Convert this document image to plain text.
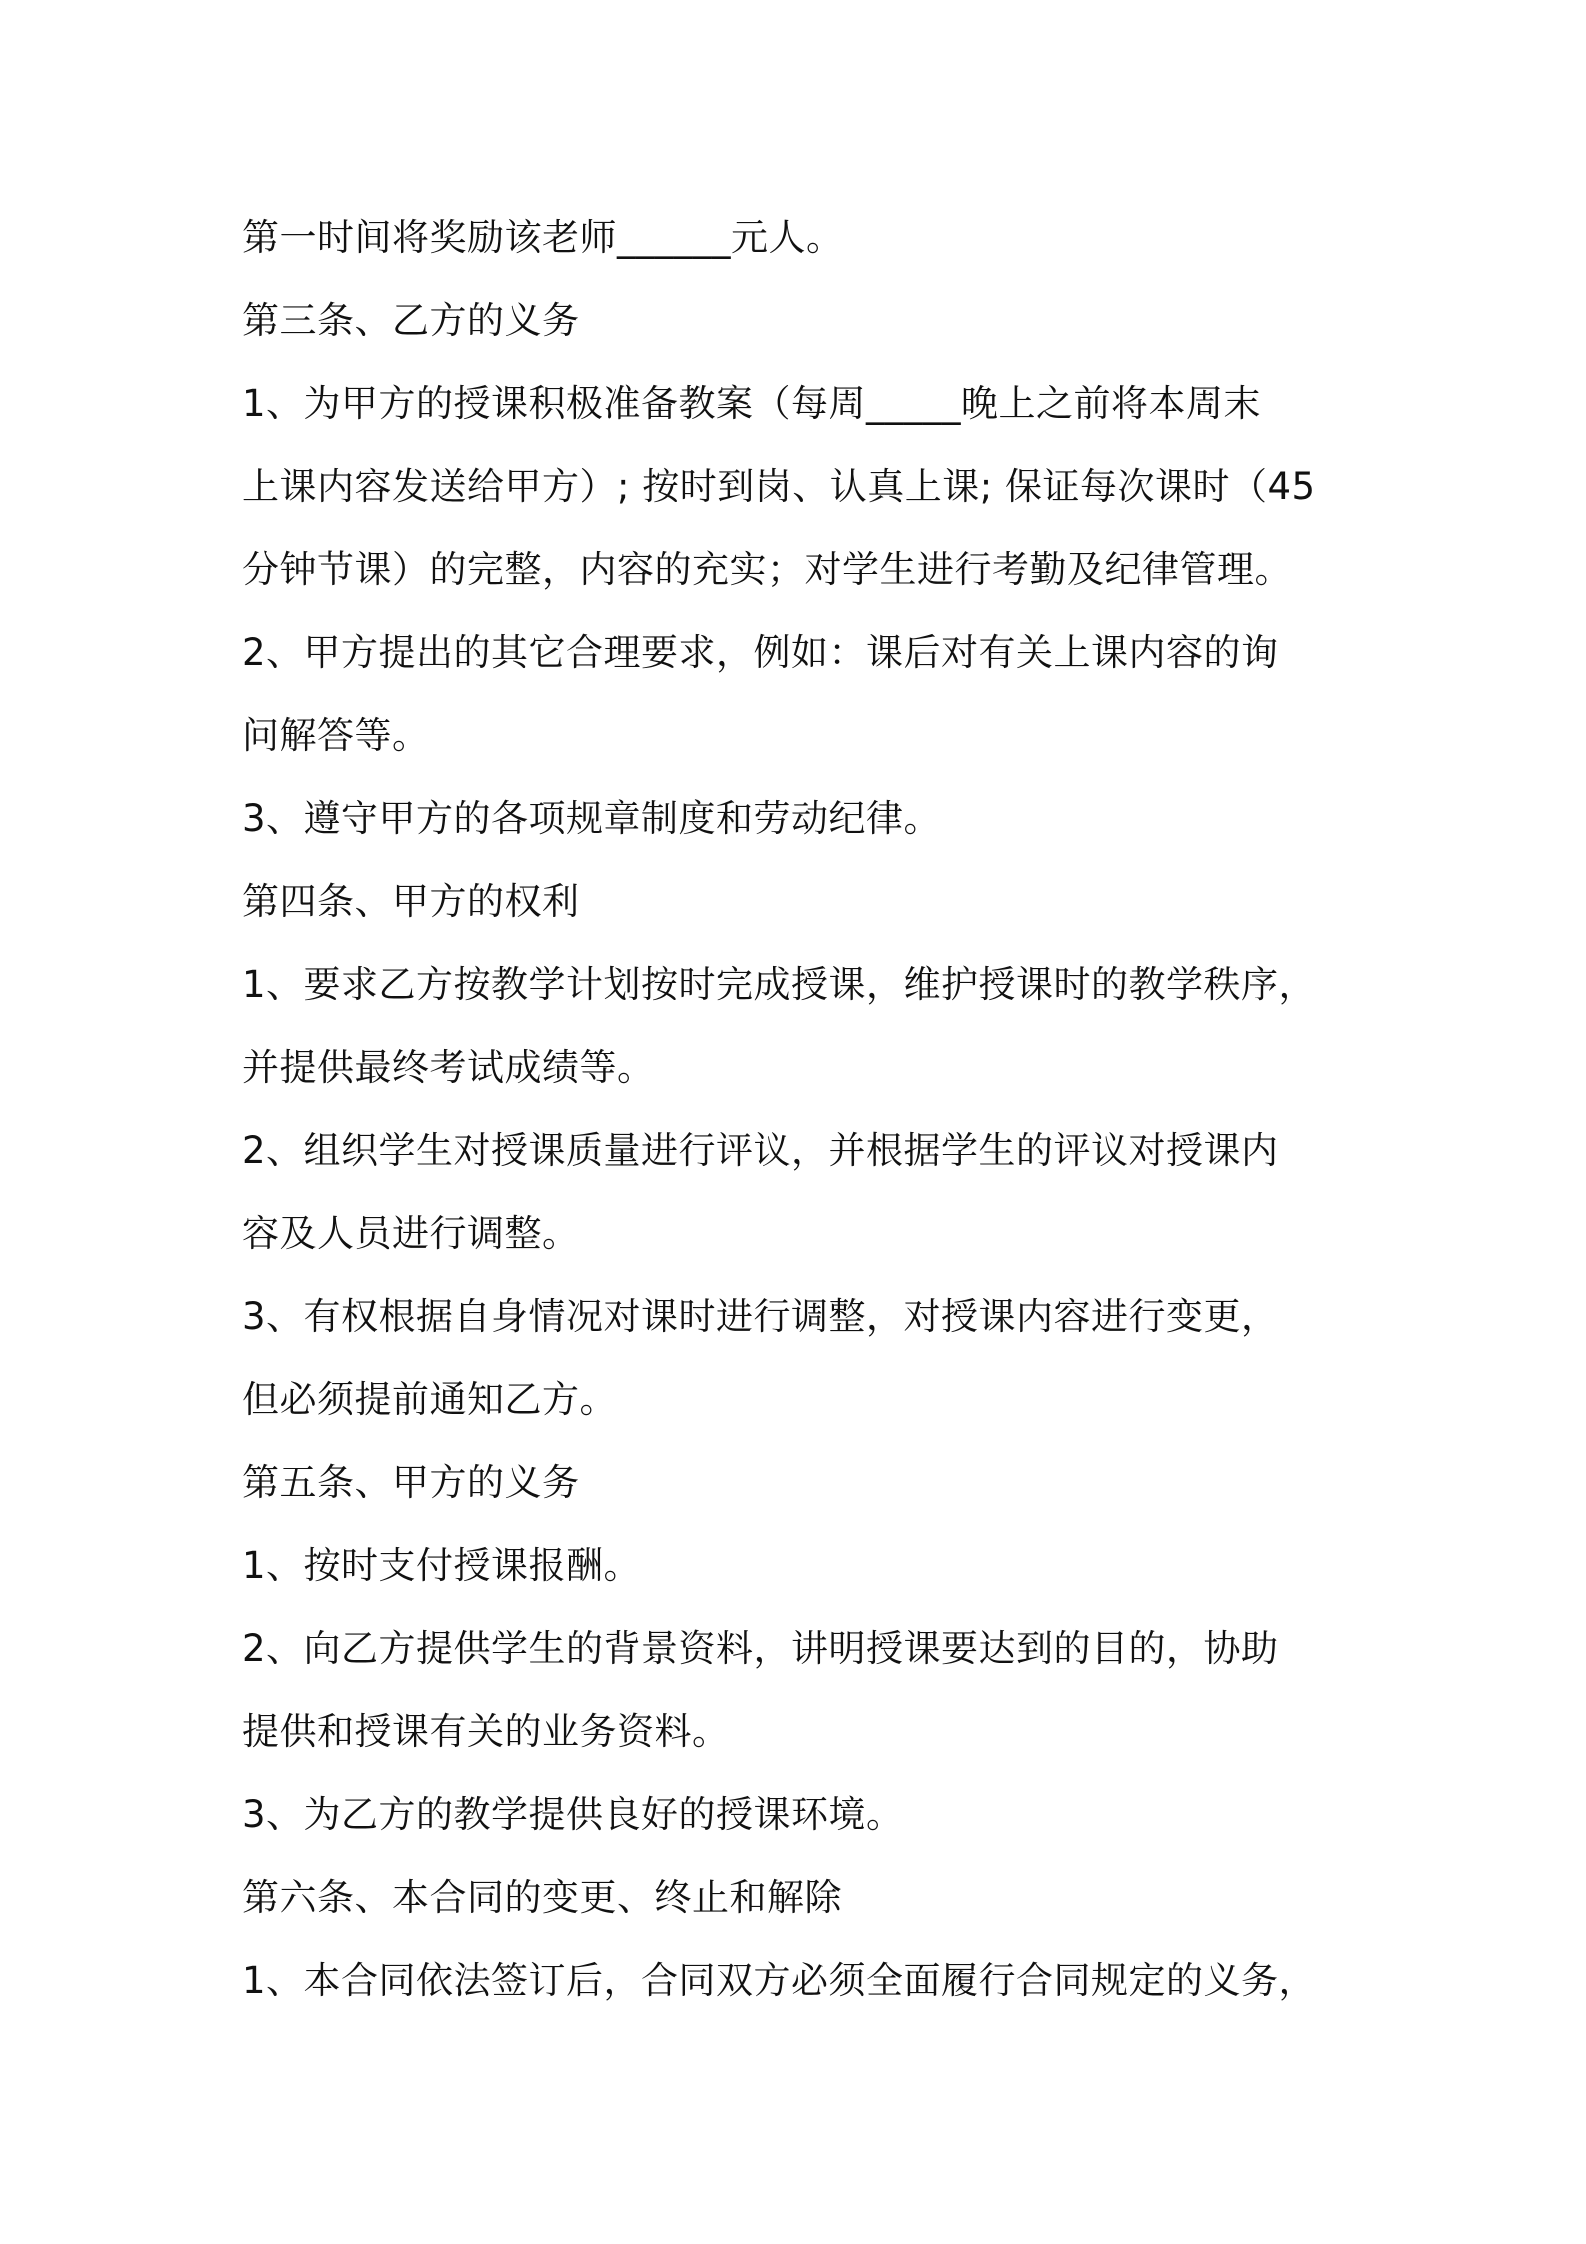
第一时间将奖励该老师______元人。
第三条、乙方的义务
1、为甲方的授课积极准备教案（每周_____晚上之前将本周末
上课内容发送给甲方）; 按时到岗、认真上课; 保证每次课时（45
分钟节课）的完整，内容的充实；对学生进行考勤及纪律管理。
2、甲方提出的其它合理要求，例如：课后对有关上课内容的询
问解答等。
3、遵守甲方的各项规章制度和劳动纪律。
第四条、甲方的权利
1、要求乙方按教学计划按时完成授课，维护授课时的教学秩序，
并提供最终考试成绩等。
2、组织学生对授课质量进行评议，并根据学生的评议对授课内
容及人员进行调整。
3、有权根据自身情况对课时进行调整，对授课内容进行变更，
但必须提前通知乙方。
第五条、甲方的义务
1、按时支付授课报酬。
2、向乙方提供学生的背景资料，讲明授课要达到的目的，协助
提供和授课有关的业务资料。
3、为乙方的教学提供良好的授课环境。
第六条、本合同的变更、终止和解除
1、本合同依法签订后，合同双方必须全面履行合同规定的义务，
